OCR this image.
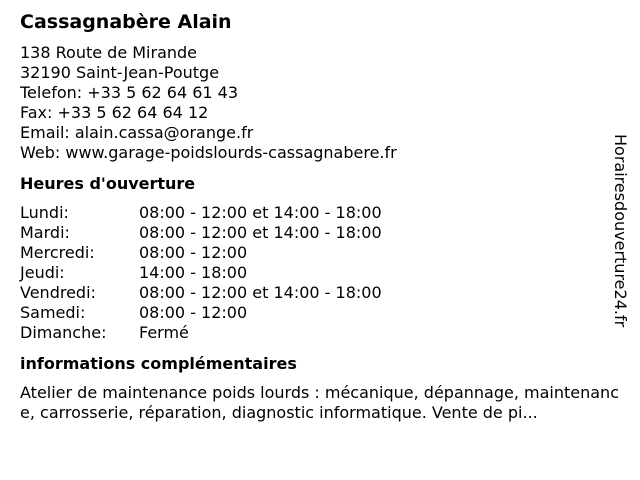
Cassagnabère Alain
138 Route de Mirande
32190 Saint-Jean-Poutge
Telefon: +33 5 62 64 61 43
Fax: +33 5 62 64 64 12
Email: alain.cassa@orange.fr
Web: www.garage-poidslourds-cassagnabere.fr
Heures d'ouverture
Lundi:	08:00 - 12:00 et 14:00 - 18:00
Mardi:	08:00 - 12:00 et 14:00 - 18:00
Mercredi:	08:00 - 12:00
Jeudi:	14:00 - 18:00
Vendredi:	08:00 - 12:00 et 14:00 - 18:00
Samedi:	08:00 - 12:00
Dimanche:	Fermé
informations complémentaires
Atelier de maintenance poids lourds : mécanique, dépannage, maintenance, carrosserie, réparation, diagnostic informatique. Vente de pi...
Horairesdouverture24.fr
